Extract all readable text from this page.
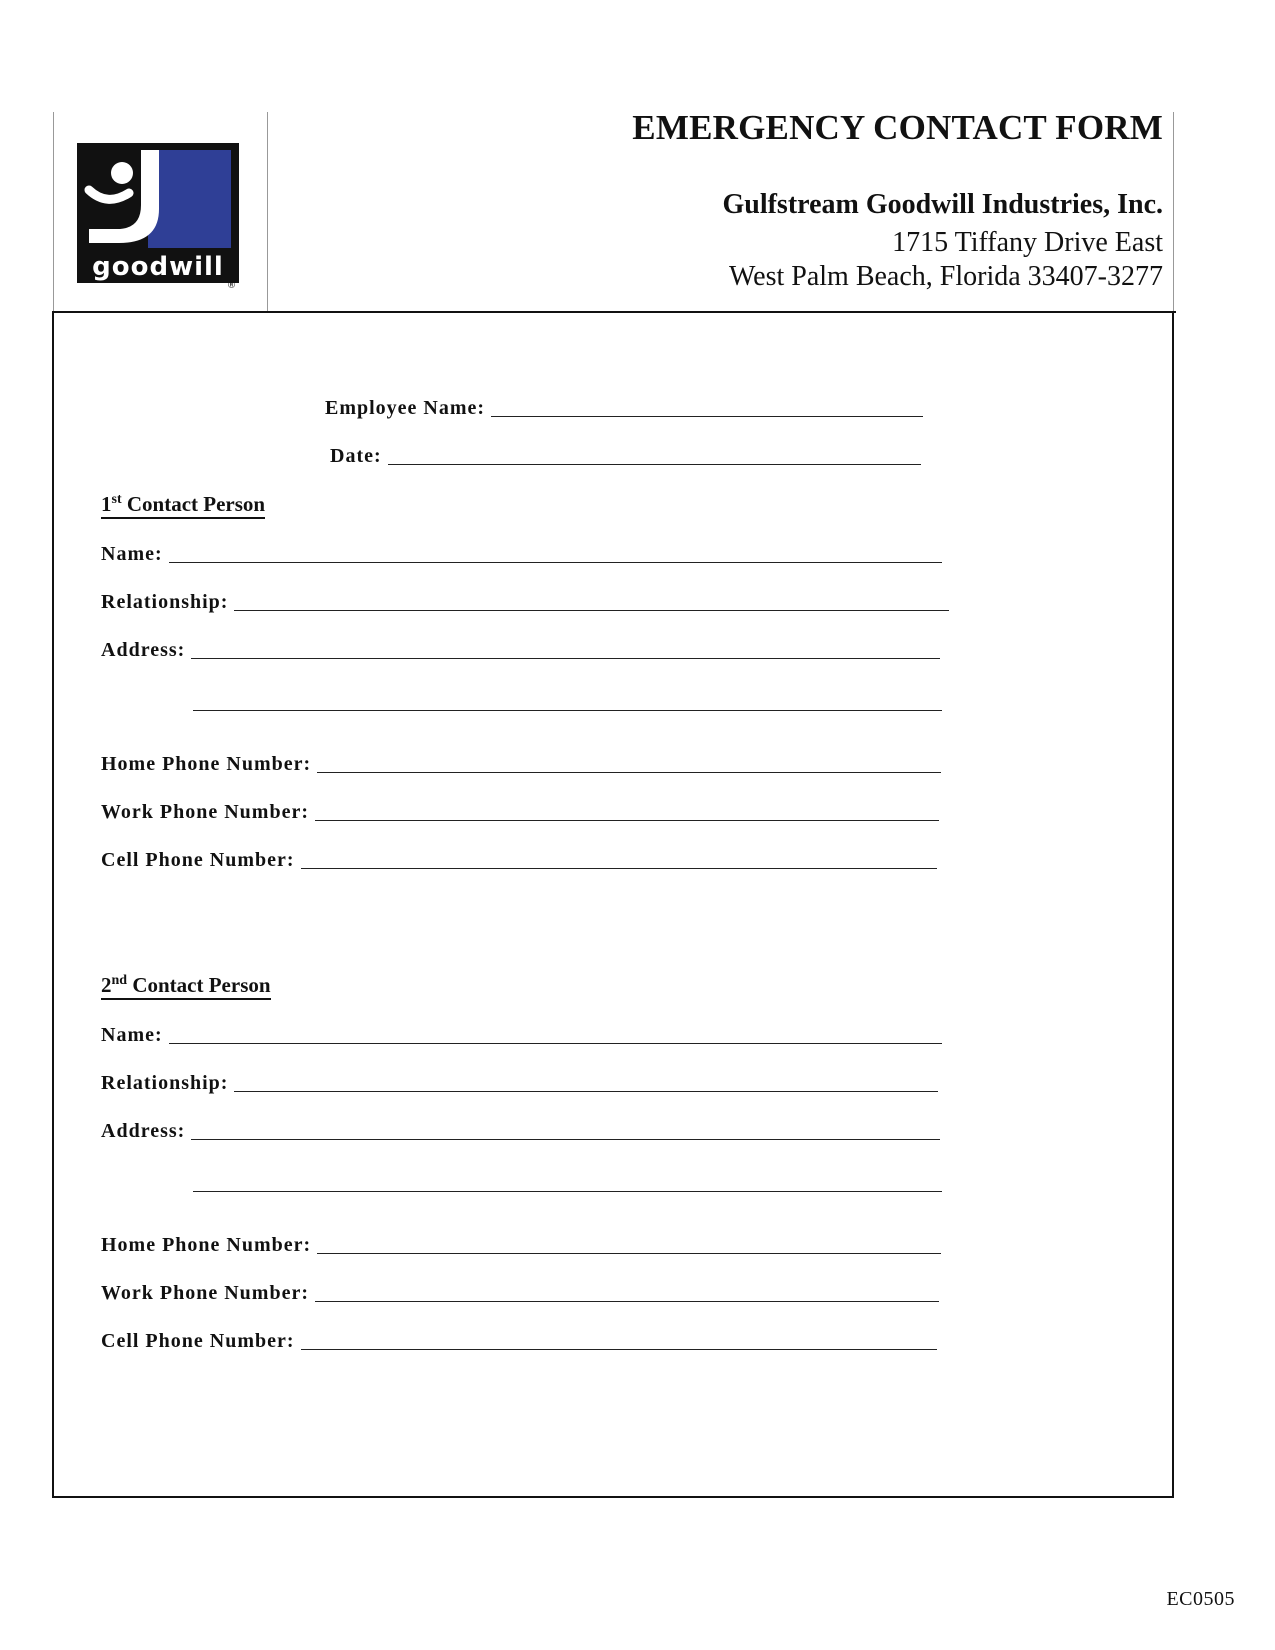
goodwill
®
EMERGENCY CONTACT FORM
Gulfstream Goodwill Industries, Inc.
1715 Tiffany Drive East
West Palm Beach, Florida 33407-3277
Employee Name:
Date:
1st Contact Person
Name:
Relationship:
Address:
Home Phone Number:
Work Phone Number:
Cell Phone Number:
2nd Contact Person
Name:
Relationship:
Address:
Home Phone Number:
Work Phone Number:
Cell Phone Number:
EC0505
